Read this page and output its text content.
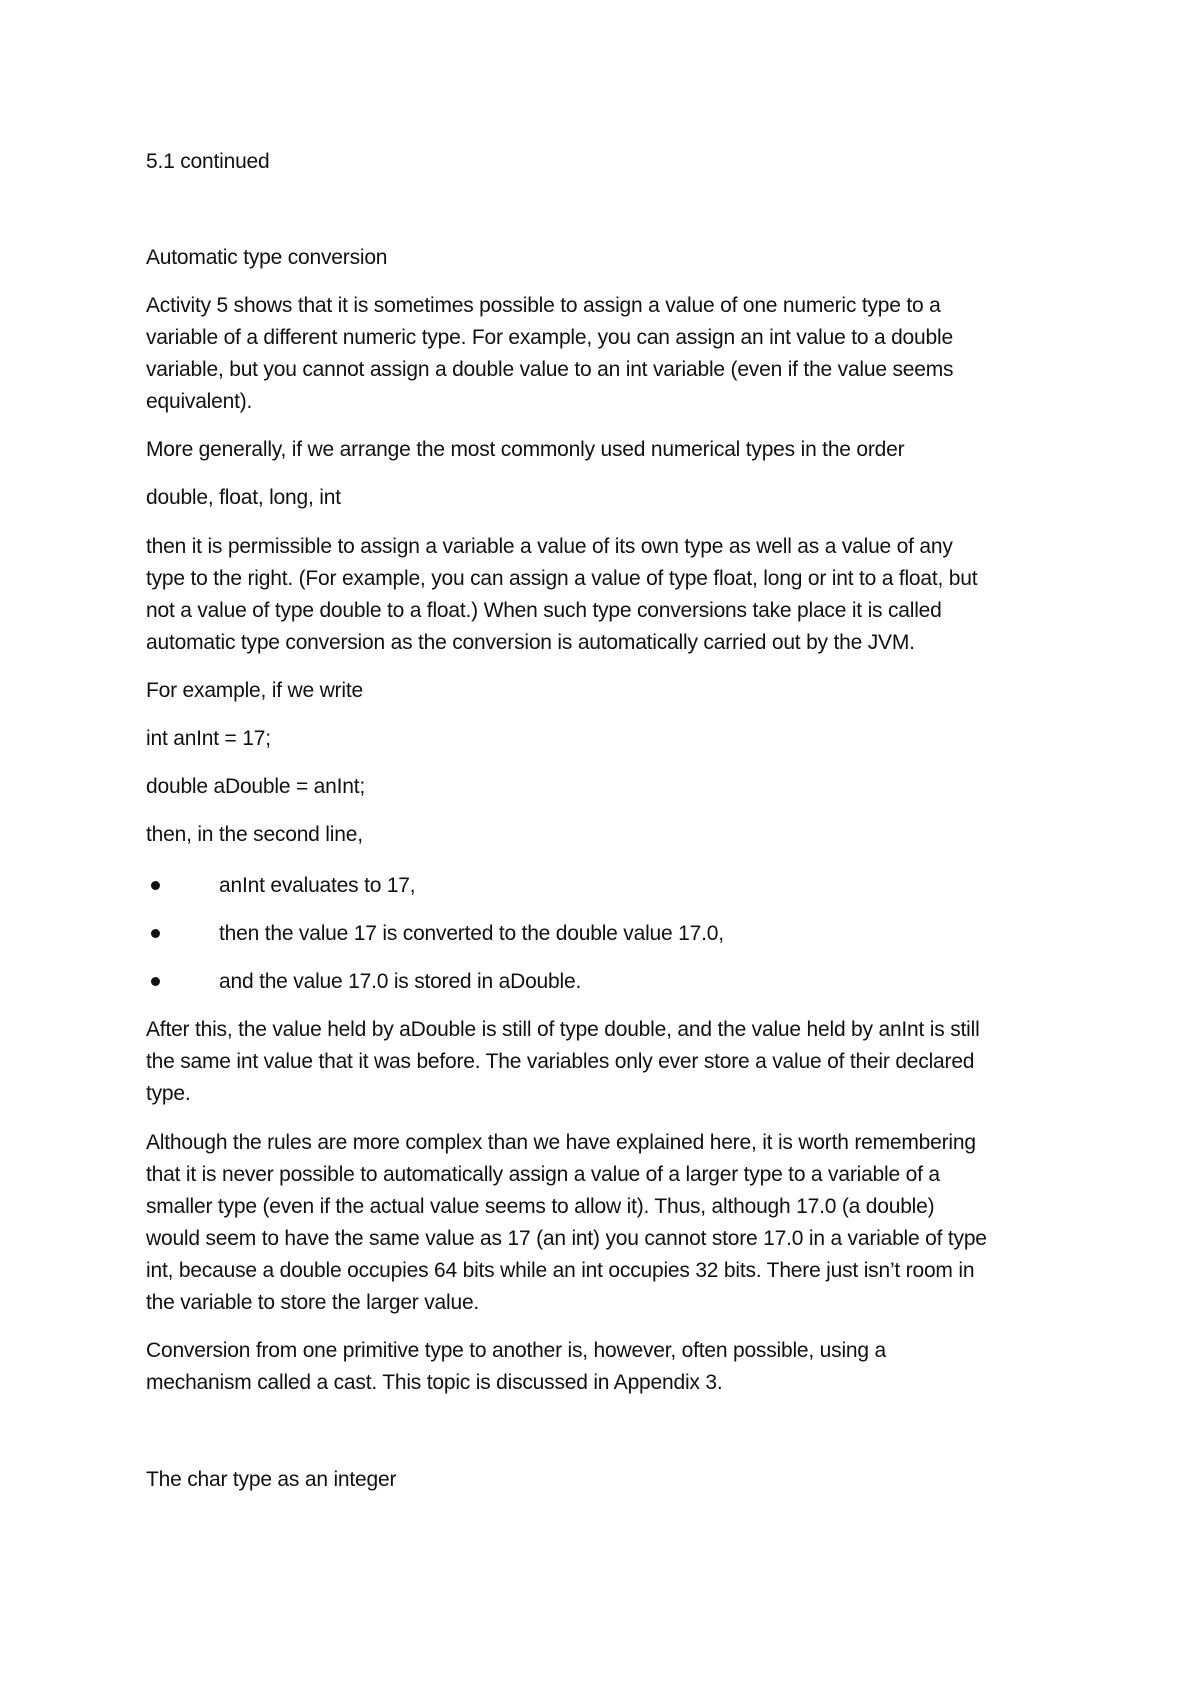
5.1 continued
Automatic type conversion
Activity 5 shows that it is sometimes possible to assign a value of one numeric type to a
variable of a different numeric type. For example, you can assign an int value to a double
variable, but you cannot assign a double value to an int variable (even if the value seems
equivalent).
More generally, if we arrange the most commonly used numerical types in the order
double, float, long, int
then it is permissible to assign a variable a value of its own type as well as a value of any
type to the right. (For example, you can assign a value of type float, long or int to a float, but
not a value of type double to a float.) When such type conversions take place it is called
automatic type conversion as the conversion is automatically carried out by the JVM.
For example, if we write
int anInt = 17;
double aDouble = anInt;
then, in the second line,
anInt evaluates to 17,
then the value 17 is converted to the double value 17.0,
and the value 17.0 is stored in aDouble.
After this, the value held by aDouble is still of type double, and the value held by anInt is still
the same int value that it was before. The variables only ever store a value of their declared
type.
Although the rules are more complex than we have explained here, it is worth remembering
that it is never possible to automatically assign a value of a larger type to a variable of a
smaller type (even if the actual value seems to allow it). Thus, although 17.0 (a double)
would seem to have the same value as 17 (an int) you cannot store 17.0 in a variable of type
int, because a double occupies 64 bits while an int occupies 32 bits. There just isn’t room in
the variable to store the larger value.
Conversion from one primitive type to another is, however, often possible, using a
mechanism called a cast. This topic is discussed in Appendix 3.
The char type as an integer
